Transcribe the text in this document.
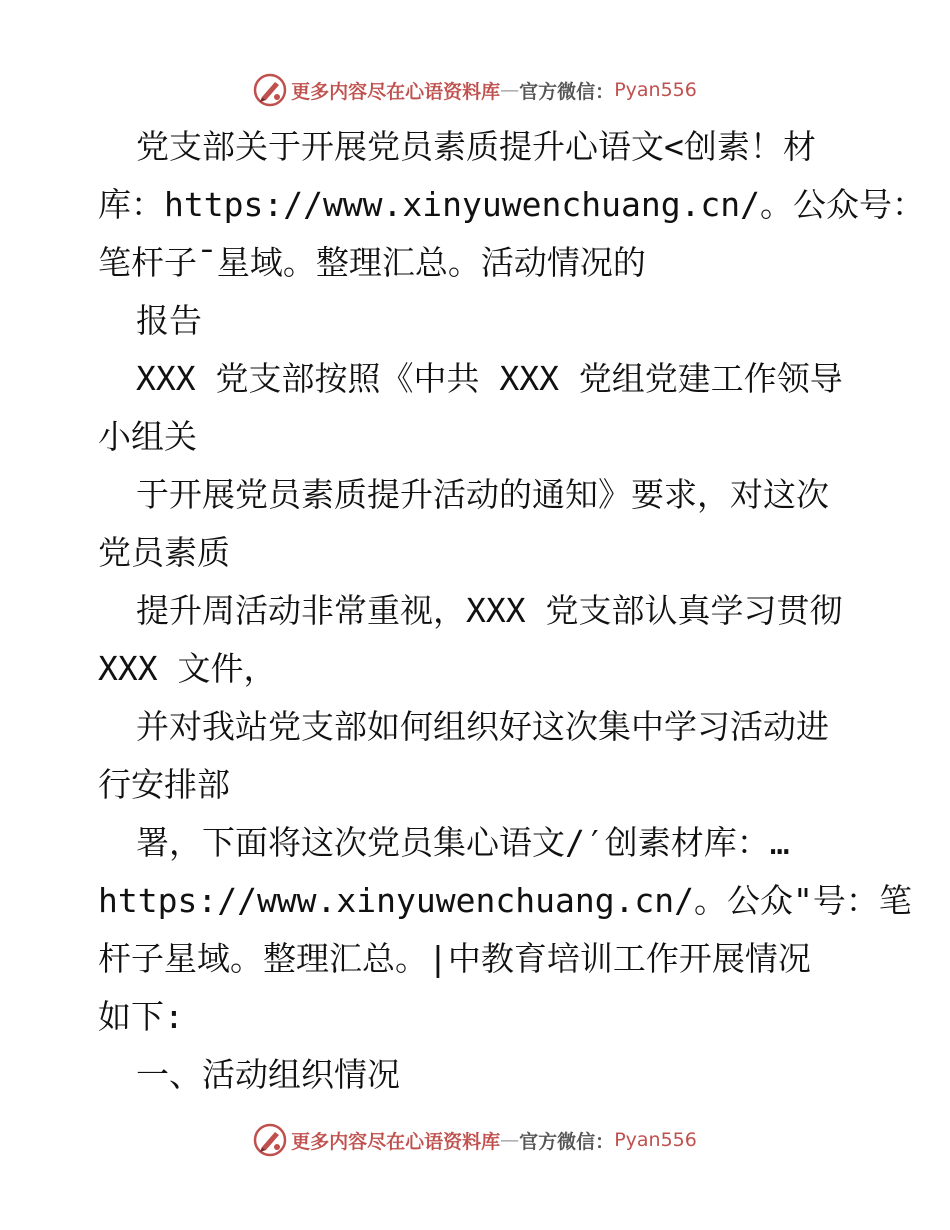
更多内容尽在心语资料库 — 官方微信： Pyan556
党支部关于开展党员素质提升心语文<创素！材
库：https://www.xinyuwenchuang.cn/。公众号：
笔杆子¯星域。整理汇总。活动情况的
报告
XXX 党支部按照《中共 XXX 党组党建工作领导
小组关
于开展党员素质提升活动的通知》要求，对这次
党员素质
提升周活动非常重视，XXX 党支部认真学习贯彻
XXX 文件，
并对我站党支部如何组织好这次集中学习活动进
行安排部
署，下面将这次党员集心语文/′创素材库：…
https://www.xinyuwenchuang.cn/。公众"号：笔
杆子星域。整理汇总。|中教育培训工作开展情况
如下:
一、活动组织情况
更多内容尽在心语资料库 — 官方微信： Pyan556
